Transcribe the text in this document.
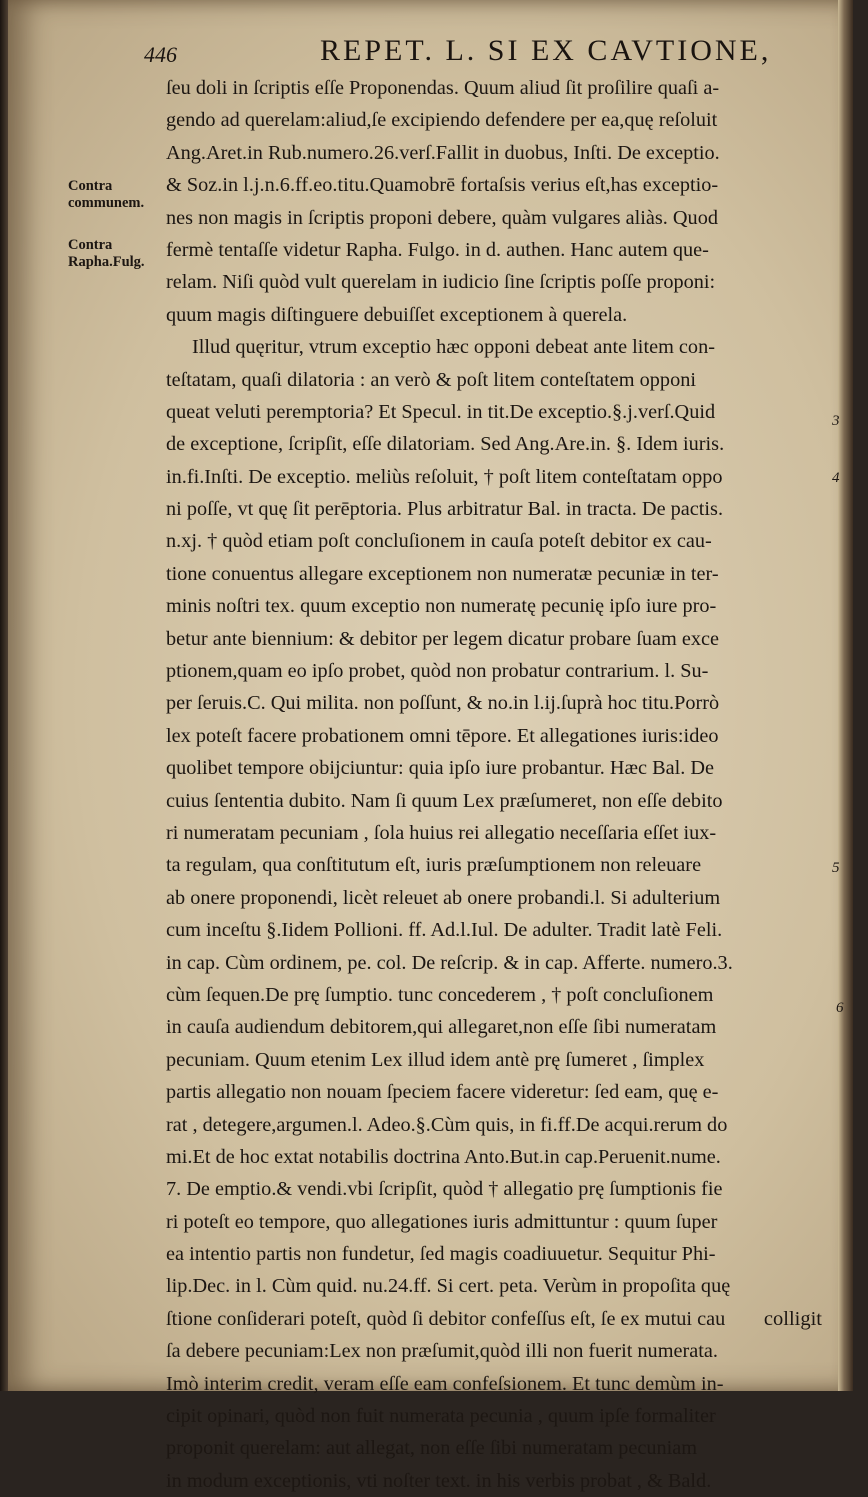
446	REPET. L. SI EX CAVTIONE,
Contra communem.
Contra Rapha.Fulg.
3
4
5
6
ſeu doli in ſcriptis eſſe Proponendas. Quum aliud ſit proſilire quaſi a-
gendo ad querelam:aliud,ſe excipiendo defendere per ea,quę reſoluit
Ang.Aret.in Rub.numero.26.verſ.Fallit in duobus, Inſti. De exceptio.
& Soz.in l.j.n.6.ff.eo.titu.Quamobrē fortaſsis verius eſt,has exceptio-
nes non magis in ſcriptis proponi debere, quàm vulgares aliàs. Quod
fermè tentaſſe videtur Rapha. Fulgo. in d. authen. Hanc autem que-
relam. Niſi quòd vult querelam in iudicio ſine ſcriptis poſſe proponi:
quum magis diſtinguere debuiſſet exceptionem à querela.
Illud quęritur, vtrum exceptio hæc opponi debeat ante litem con-
teſtatam, quaſi dilatoria : an verò & poſt litem conteſtatem opponi
queat veluti peremptoria? Et Specul. in tit.De exceptio.§.j.verſ.Quid
de exceptione, ſcripſit, eſſe dilatoriam. Sed Ang.Are.in. §. Idem iuris.
in.fi.Inſti. De exceptio. meliùs reſoluit, † poſt litem conteſtatam oppo
ni poſſe, vt quę ſit perēptoria. Plus arbitratur Bal. in tracta. De pactis.
n.xj. † quòd etiam poſt concluſionem in cauſa poteſt debitor ex cau-
tione conuentus allegare exceptionem non numeratæ pecuniæ in ter-
minis noſtri tex. quum exceptio non numeratę pecunię ipſo iure pro-
betur ante biennium: & debitor per legem dicatur probare ſuam exce
ptionem,quam eo ipſo probet, quòd non probatur contrarium. l. Su-
per ſeruis.C. Qui milita. non poſſunt, & no.in l.ij.ſuprà hoc titu.Porrò
lex poteſt facere probationem omni tēpore. Et allegationes iuris:ideo
quolibet tempore obijciuntur: quia ipſo iure probantur. Hæc Bal. De
cuius ſententia dubito. Nam ſi quum Lex præſumeret, non eſſe debito
ri numeratam pecuniam , ſola huius rei allegatio neceſſaria eſſet iux-
ta regulam, qua conſtitutum eſt, iuris præſumptionem non releuare
ab onere proponendi, licèt releuet ab onere probandi.l. Si adulterium
cum inceſtu §.Iidem Pollioni. ff. Ad.l.Iul. De adulter. Tradit latè Feli.
in cap. Cùm ordinem, pe. col. De reſcrip. & in cap. Afferte. numero.3.
cùm ſequen.De prę ſumptio. tunc concederem , † poſt concluſionem
in cauſa audiendum debitorem,qui allegaret,non eſſe ſibi numeratam
pecuniam. Quum etenim Lex illud idem antè prę ſumeret , ſimplex
partis allegatio non nouam ſpeciem facere videretur: ſed eam, quę e-
rat , detegere,argumen.l. Adeo.§.Cùm quis, in fi.ff.De acqui.rerum do
mi.Et de hoc extat notabilis doctrina Anto.But.in cap.Peruenit.nume.
7. De emptio.& vendi.vbi ſcripſit, quòd † allegatio prę ſumptionis fie
ri poteſt eo tempore, quo allegationes iuris admittuntur : quum ſuper
ea intentio partis non fundetur, ſed magis coadiuuetur. Sequitur Phi-
lip.Dec. in l. Cùm quid. nu.24.ff. Si cert. peta. Verùm in propoſita quę
ſtione conſiderari poteſt, quòd ſi debitor confeſſus eſt, ſe ex mutui cau
ſa debere pecuniam:Lex non præſumit,quòd illi non fuerit numerata.
Imò interim credit, veram eſſe eam confeſsionem. Et tunc demùm in-
cipit opinari, quòd non fuit numerata pecunia , quum ipſe formaliter
proponit querelam: aut allegat, non eſſe ſibi numeratam pecuniam
in modum exceptionis, vti noſter text. in his verbis probat , & Bald.
colligit
